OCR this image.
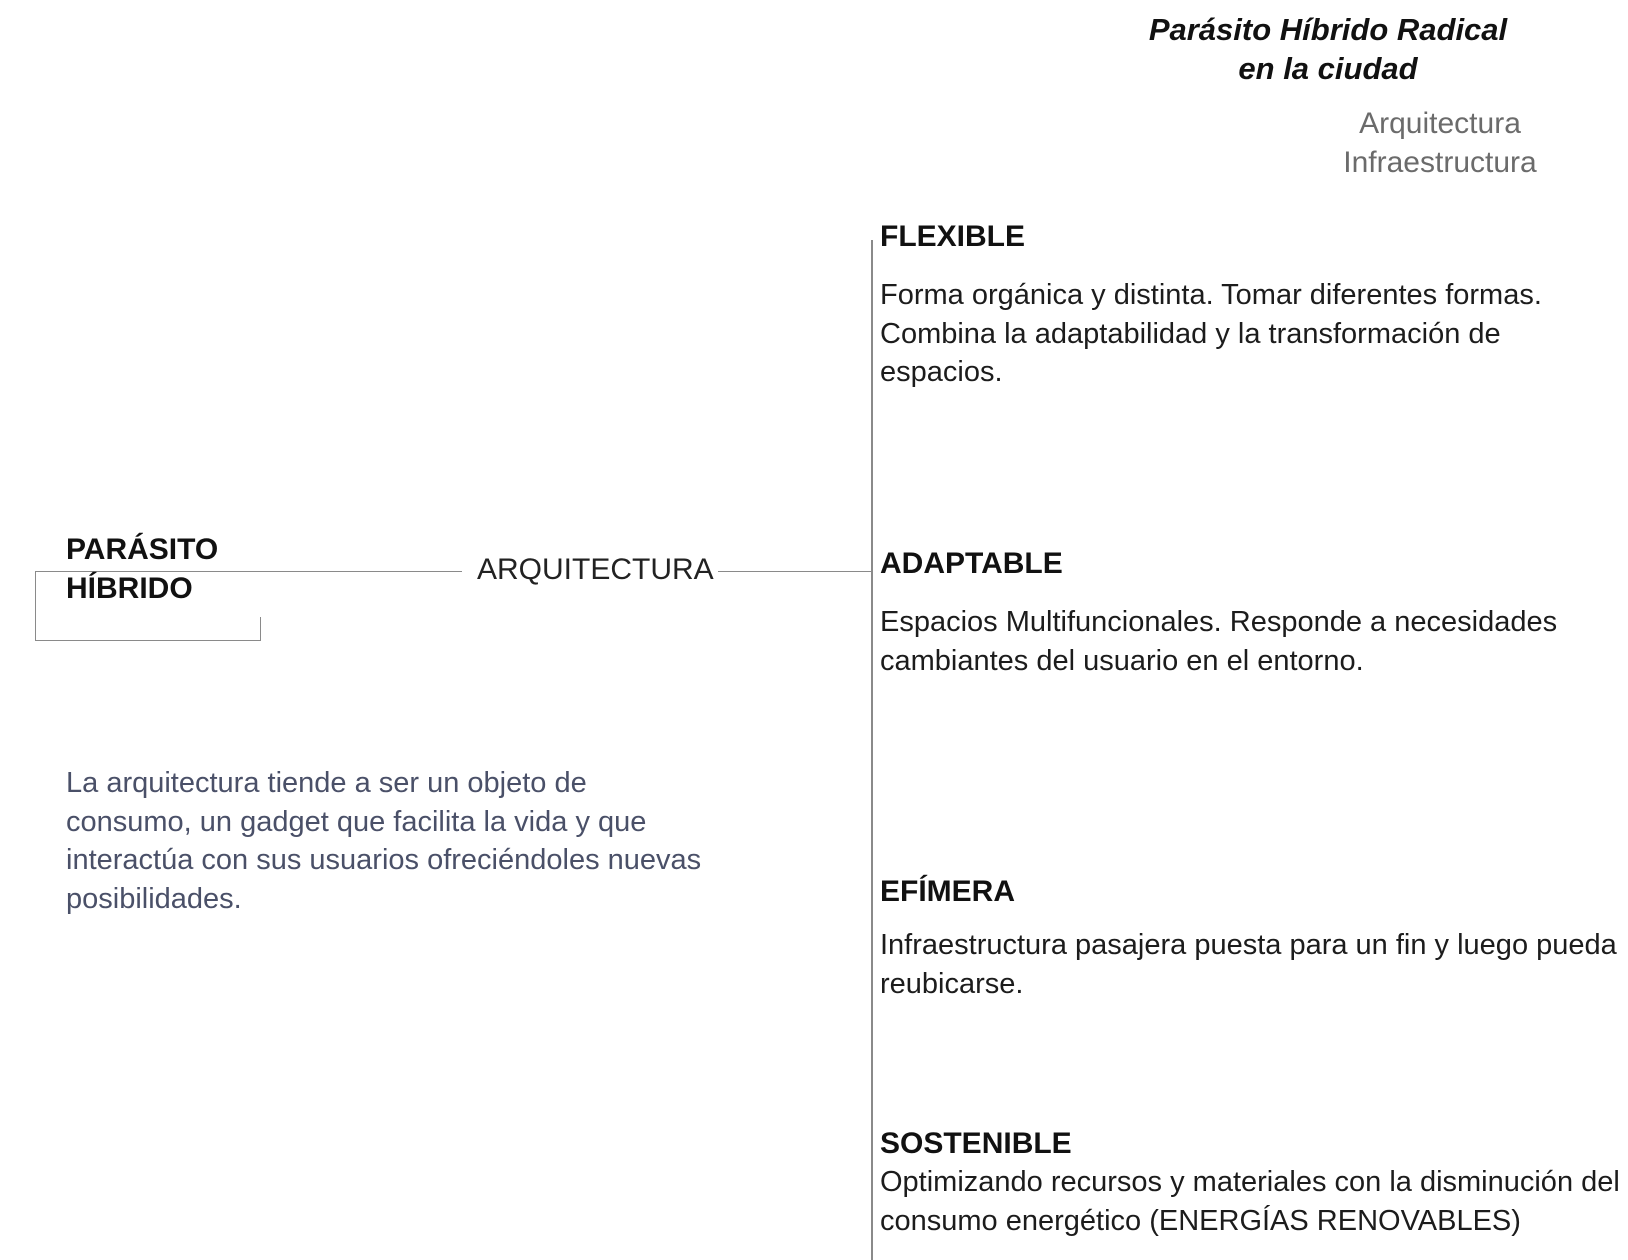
Parásito Híbrido Radical
en la ciudad
Arquitectura
Infraestructura
PARÁSITO
HÍBRIDO
ARQUITECTURA
La arquitectura tiende a ser un objeto de consumo, un gadget que facilita la vida y que interactúa con sus usuarios ofreciéndoles nuevas posibilidades.
FLEXIBLE
Forma orgánica y distinta. Tomar diferentes formas. Combina la adaptabilidad y la transformación de espacios.
ADAPTABLE
Espacios Multifuncionales. Responde a necesidades cambiantes del usuario en el entorno.
EFÍMERA
Infraestructura pasajera puesta para un fin y luego pueda reubicarse.
SOSTENIBLE
Optimizando recursos y materiales con la disminución del consumo energético (ENERGÍAS RENOVABLES)
